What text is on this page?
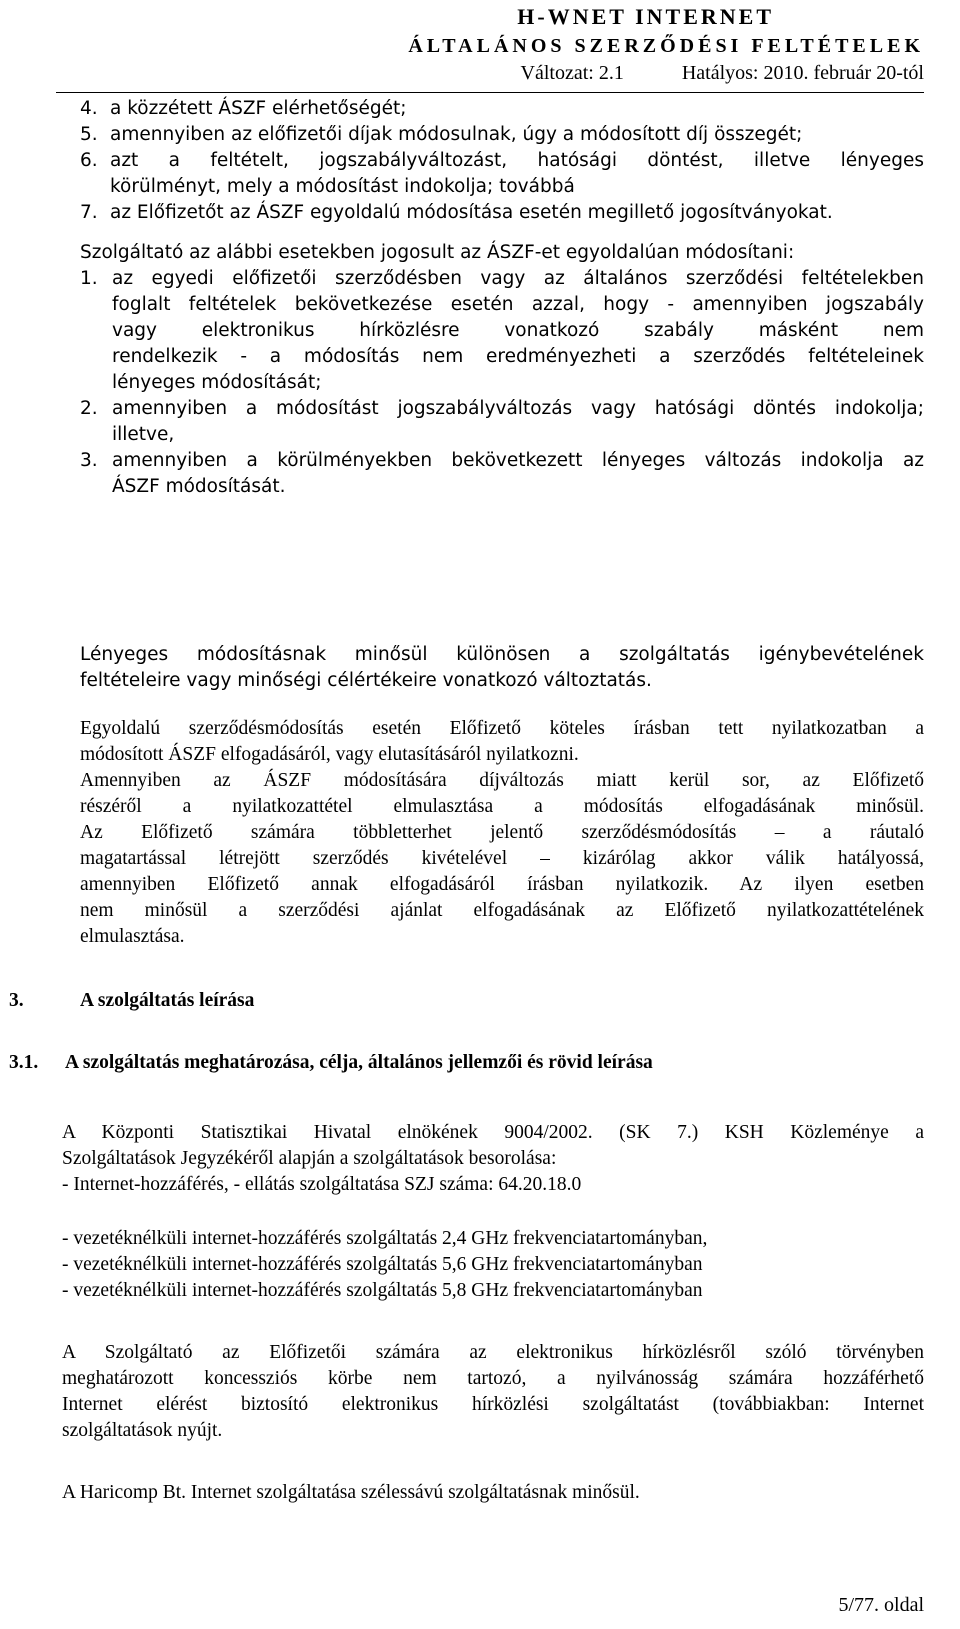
H-WNET INTERNET
ÁLTALÁNOS SZERZŐDÉSI FELTÉTELEK
Változat: 2.1	Hatályos: 2010. február 20-tól
4. a közzétett ÁSZF elérhetőségét;
5. amennyiben az előfizetői díjak módosulnak, úgy a módosított díj összegét;
6. azt a feltételt, jogszabályváltozást, hatósági döntést, illetve lényeges
körülményt, mely a módosítást indokolja; továbbá
7. az Előfizetőt az ÁSZF egyoldalú módosítása esetén megillető jogosítványokat.
Szolgáltató az alábbi esetekben jogosult az ÁSZF-et egyoldalúan módosítani:
1. az egyedi előfizetői szerződésben vagy az általános szerződési feltételekben
foglalt feltételek bekövetkezése esetén azzal, hogy - amennyiben jogszabály
vagy elektronikus hírközlésre vonatkozó szabály másként nem
rendelkezik - a módosítás nem eredményezheti a szerződés feltételeinek
lényeges módosítását;
2. amennyiben a módosítást jogszabályváltozás vagy hatósági döntés indokolja;
illetve,
3. amennyiben a körülményekben bekövetkezett lényeges változás indokolja az
ÁSZF módosítását.
Lényeges módosításnak minősül különösen a szolgáltatás igénybevételének
feltételeire vagy minőségi célértékeire vonatkozó változtatás.
Egyoldalú szerződésmódosítás esetén Előfizető köteles írásban tett nyilatkozatban a
módosított ÁSZF elfogadásáról, vagy elutasításáról nyilatkozni.
Amennyiben az ÁSZF módosítására díjváltozás miatt kerül sor, az Előfizető
részéről a nyilatkozattétel elmulasztása a módosítás elfogadásának minősül.
Az Előfizető számára többletterhet jelentő szerződésmódosítás – a ráutaló
magatartással létrejött szerződés kivételével – kizárólag akkor válik hatályossá,
amennyiben Előfizető annak elfogadásáról írásban nyilatkozik. Az ilyen esetben
nem minősül a szerződési ajánlat elfogadásának az Előfizető nyilatkozattételének
elmulasztása.
3.	A szolgáltatás leírása
3.1. A szolgáltatás meghatározása, célja, általános jellemzői és rövid leírása
A Központi Statisztikai Hivatal elnökének 9004/2002. (SK 7.) KSH Közleménye a
Szolgáltatások Jegyzékéről alapján a szolgáltatások besorolása:
- Internet-hozzáférés, - ellátás szolgáltatása SZJ száma: 64.20.18.0
- vezetéknélküli internet-hozzáférés szolgáltatás 2,4 GHz frekvenciatartományban,
- vezetéknélküli internet-hozzáférés szolgáltatás 5,6 GHz frekvenciatartományban
- vezetéknélküli internet-hozzáférés szolgáltatás 5,8 GHz frekvenciatartományban
A Szolgáltató az Előfizetői számára az elektronikus hírközlésről szóló törvényben
meghatározott koncessziós körbe nem tartozó, a nyilvánosság számára hozzáférhető
Internet elérést biztosító elektronikus hírközlési szolgáltatást (továbbiakban: Internet
szolgáltatások nyújt.
A Haricomp Bt. Internet szolgáltatása szélessávú szolgáltatásnak minősül.
5/77. oldal
